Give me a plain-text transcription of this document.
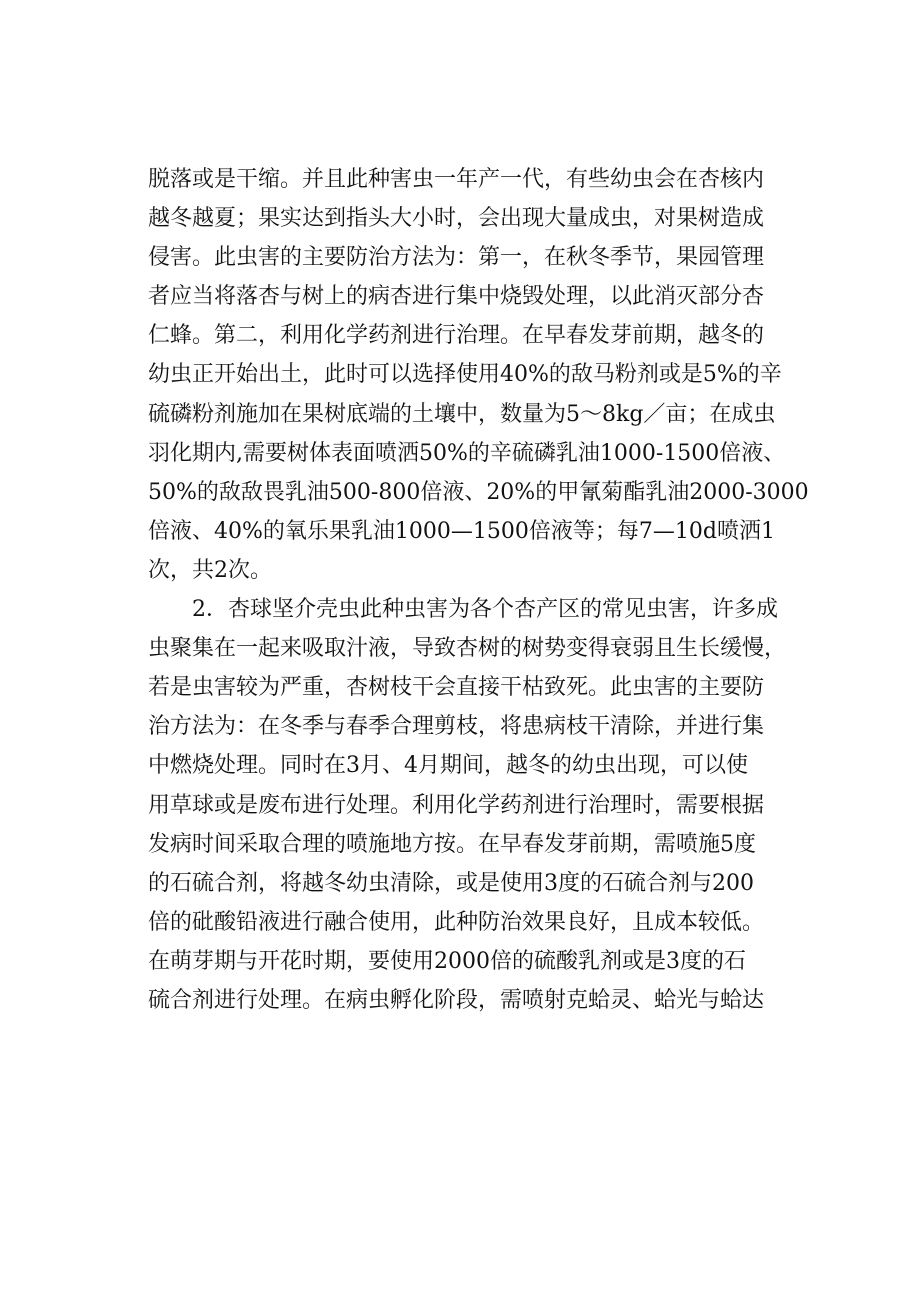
脱落或是干缩。并且此种害虫一年产一代，有些幼虫会在杏核内
越冬越夏；果实达到指头大小时，会出现大量成虫，对果树造成
侵害。此虫害的主要防治方法为：第一，在秋冬季节，果园管理
者应当将落杏与树上的病杏进行集中烧毁处理，以此消灭部分杏
仁蜂。第二，利用化学药剂进行治理。在早春发芽前期，越冬的
幼虫正开始出土，此时可以选择使用40%的敌马粉剂或是5%的辛
硫磷粉剂施加在果树底端的土壤中，数量为5～8kg／亩；在成虫
羽化期内,需要树体表面喷洒50%的辛硫磷乳油1000-1500倍液、
50%的敌敌畏乳油500-800倍液、20%的甲氰菊酯乳油2000-3000
倍液、40%的氧乐果乳油1000—1500倍液等；每7—10d喷洒1
次，共2次。
2．杏球坚介壳虫此种虫害为各个杏产区的常见虫害，许多成
虫聚集在一起来吸取汁液，导致杏树的树势变得衰弱且生长缓慢，
若是虫害较为严重，杏树枝干会直接干枯致死。此虫害的主要防
治方法为：在冬季与春季合理剪枝，将患病枝干清除，并进行集
中燃烧处理。同时在3月、4月期间，越冬的幼虫出现，可以使
用草球或是废布进行处理。利用化学药剂进行治理时，需要根据
发病时间采取合理的喷施地方按。在早春发芽前期，需喷施5度
的石硫合剂，将越冬幼虫清除，或是使用3度的石硫合剂与200
倍的砒酸铅液进行融合使用，此种防治效果良好，且成本较低。
在萌芽期与开花时期，要使用2000倍的硫酸乳剂或是3度的石
硫合剂进行处理。在病虫孵化阶段，需喷射克蛤灵、蛤光与蛤达
